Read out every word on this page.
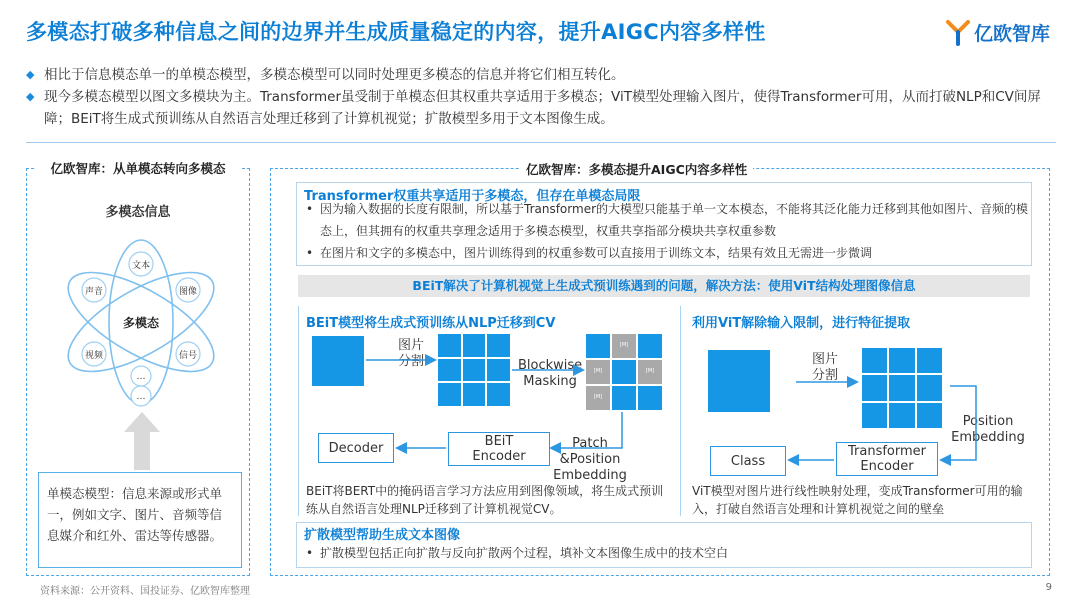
多模态打破多种信息之间的边界并生成质量稳定的内容，提升AIGC内容多样性	亿欧智库
◆ 相比于信息模态单一的单模态模型，多模态模型可以同时处理更多模态的信息并将它们相互转化。
◆ 现今多模态模型以图文多模块为主。Transformer虽受制于单模态但其权重共享适用于多模态；ViT模型处理输入图片，使得Transformer可用，从而打破NLP和CV间屏障；BEiT将生成式预训练从自然语言处理迁移到了计算机视觉；扩散模型多用于文本图像生成。
亿欧智库：从单模态转向多模态
多模态信息
文本
声音	图像
视频	信号
…
…
多模态
单模态模型：信息来源或形式单一，例如文字、图片、音频等信息媒介和红外、雷达等传感器。
亿欧智库：多模态提升AIGC内容多样性
Transformer权重共享适用于多模态，但存在单模态局限
• 因为输入数据的长度有限制，所以基于Transformer的大模型只能基于单一文本模态，不能将其泛化能力迁移到其他如图片、音频的模态上，但其拥有的权重共享理念适用于多模态模型，权重共享指部分模块共享权重参数
• 在图片和文字的多模态中，图片训练得到的权重参数可以直接用于训练文本，结果有效且无需进一步微调
BEiT解决了计算机视觉上生成式预训练遇到的问题，解决方法：使用ViT结构处理图像信息
BEiT模型将生成式预训练从NLP迁移到CV
图片
分割	Blockwise
Masking
[M]
[M]	[M]
[M]
Patch
&Position
Embedding
BEiT
Encoder
Decoder
BEiT将BERT中的掩码语言学习方法应用到图像领域，将生成式预训练从自然语言处理NLP迁移到了计算机视觉CV。
利用ViT解除输入限制，进行特征提取
图片
分割
Position
Embedding
Transformer
Encoder
Class
ViT模型对图片进行线性映射处理，变成Transformer可用的输入，打破自然语言处理和计算机视觉之间的壁垒
扩散模型帮助生成文本图像
• 扩散模型包括正向扩散与反向扩散两个过程，填补文本图像生成中的技术空白
资料来源：公开资料、国投证券、亿欧智库整理	9
